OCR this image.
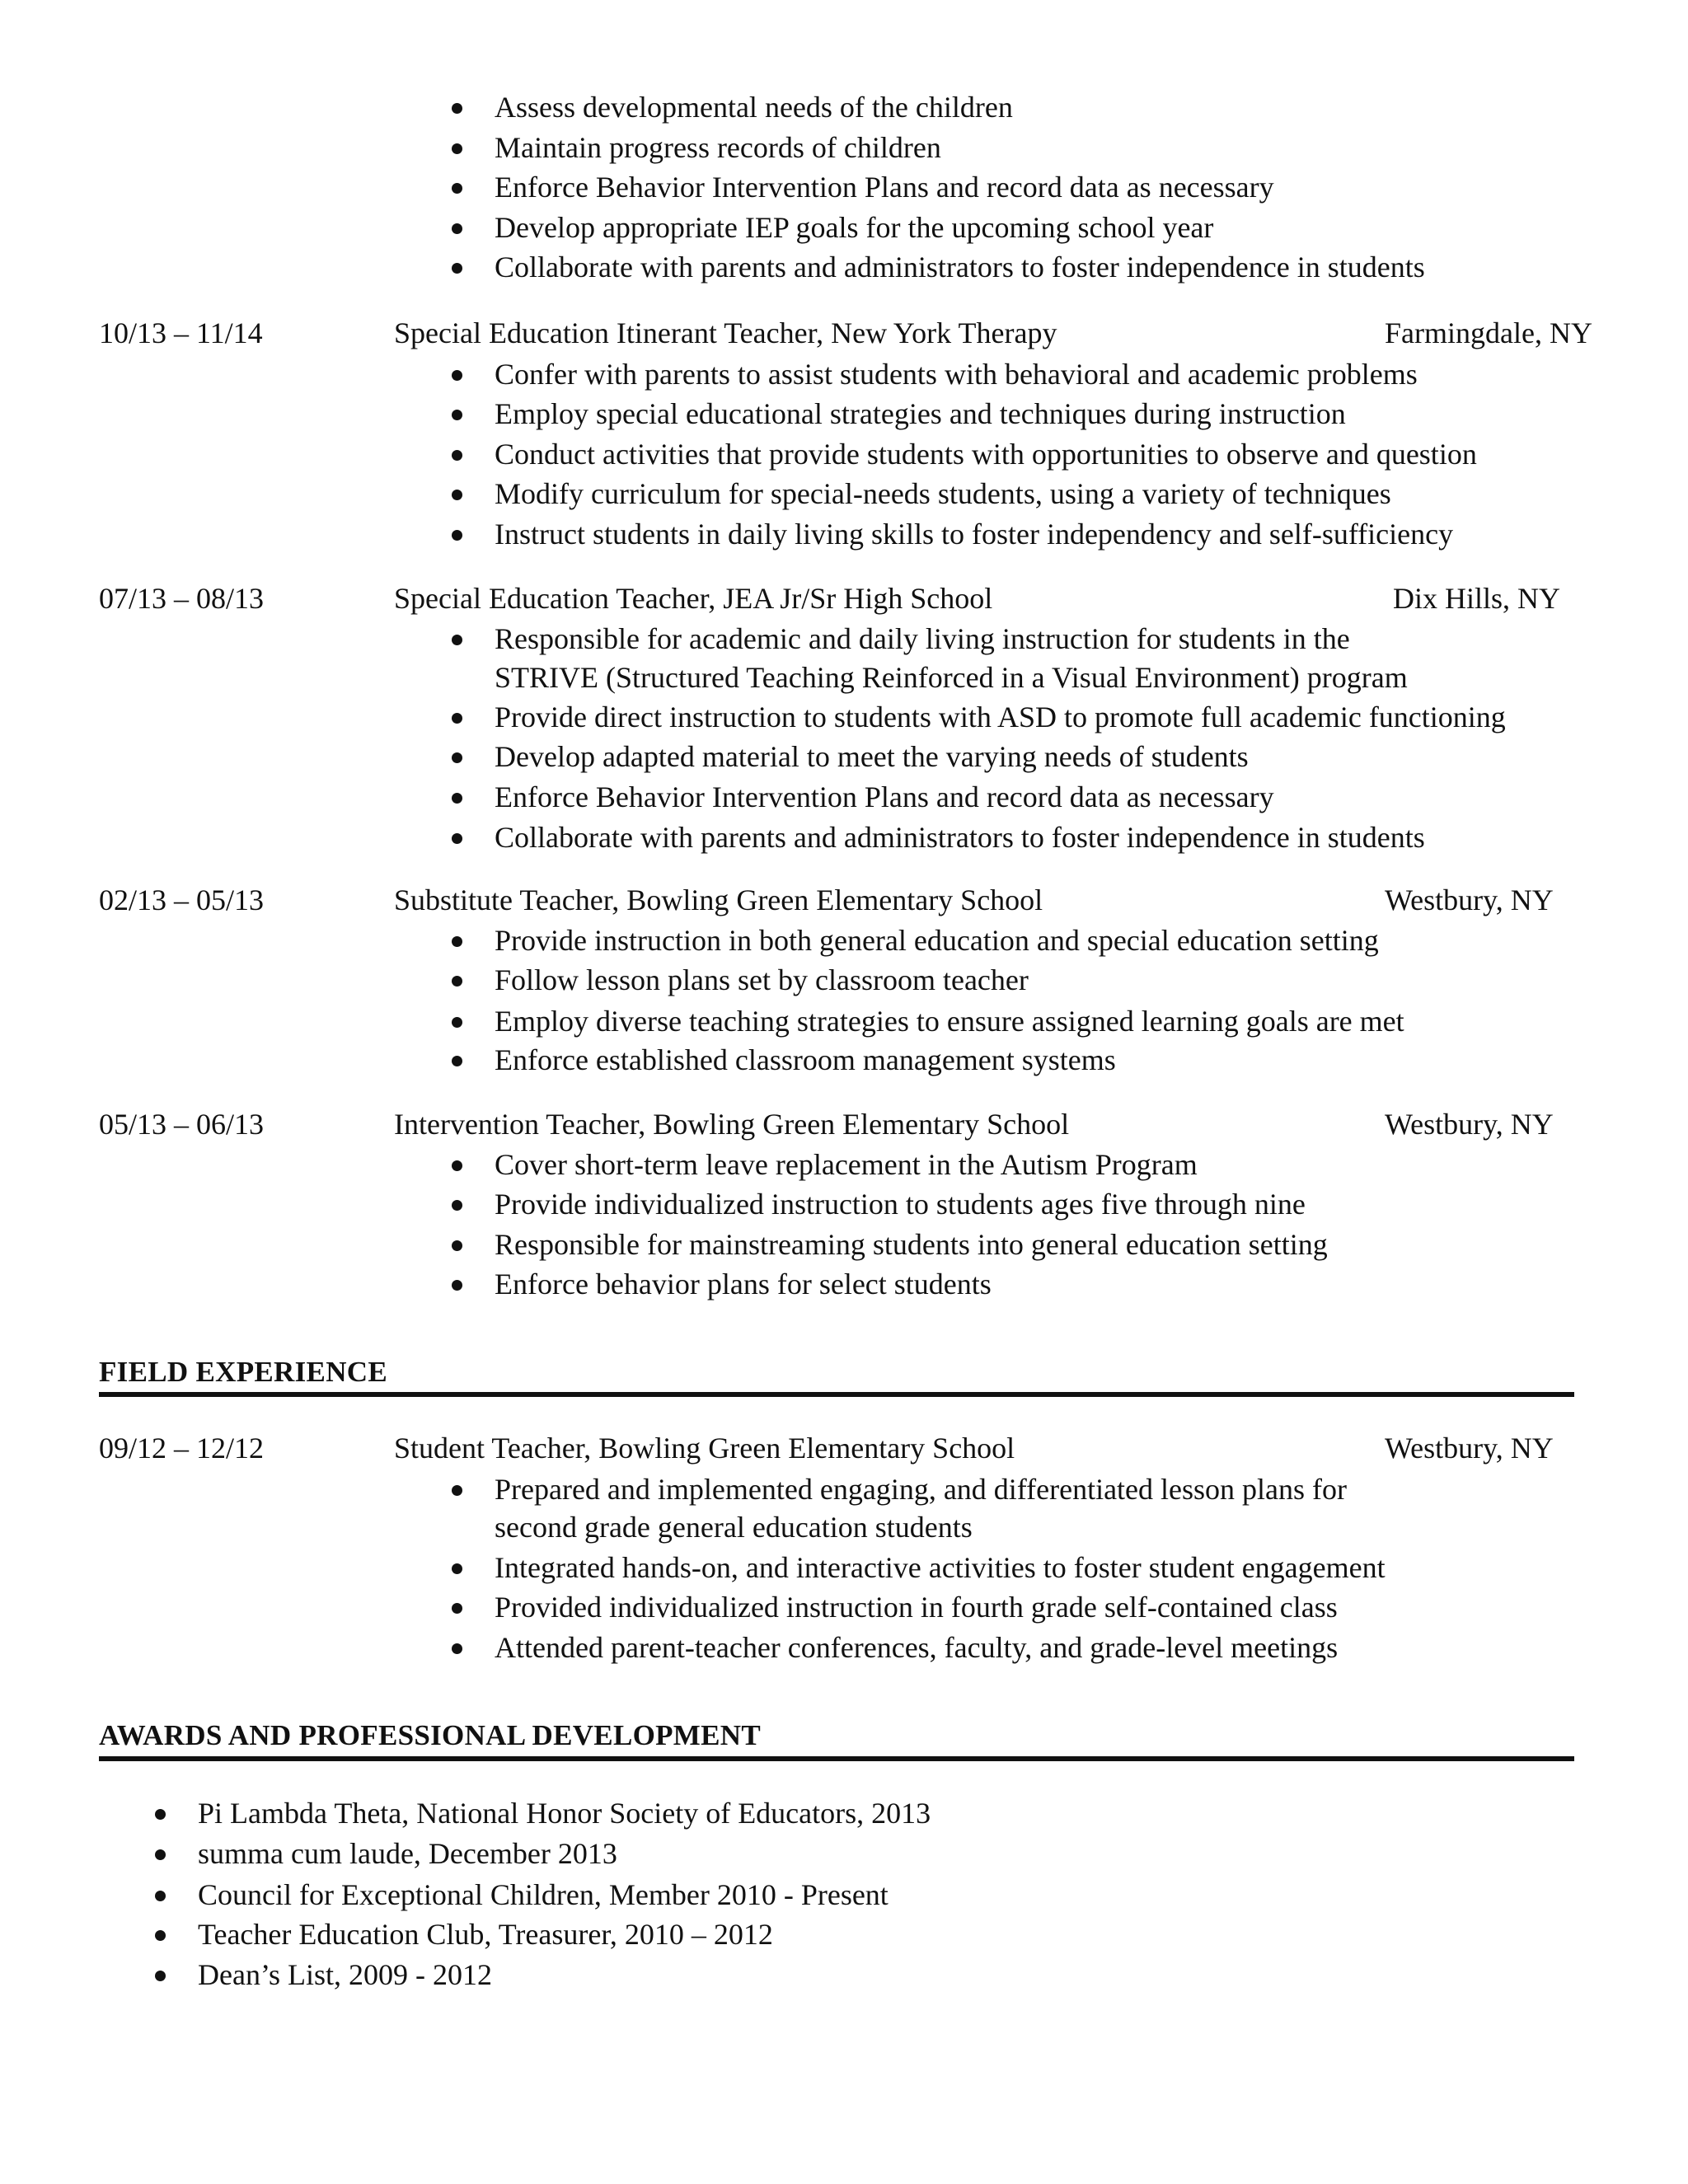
Assess developmental needs of the children
Maintain progress records of children
Enforce Behavior Intervention Plans and record data as necessary
Develop appropriate IEP goals for the upcoming school year
Collaborate with parents and administrators to foster independence in students
10/13 – 11/14	Special Education Itinerant Teacher, New York Therapy	Farmingdale, NY
Confer with parents to assist students with behavioral and academic problems
Employ special educational strategies and techniques during instruction
Conduct activities that provide students with opportunities to observe and question
Modify curriculum for special-needs students, using a variety of techniques
Instruct students in daily living skills to foster independency and self-sufficiency
07/13 – 08/13	Special Education Teacher, JEA Jr/Sr High School	Dix Hills, NY
Responsible for academic and daily living instruction for students in the
STRIVE (Structured Teaching Reinforced in a Visual Environment) program
Provide direct instruction to students with ASD to promote full academic functioning
Develop adapted material to meet the varying needs of students
Enforce Behavior Intervention Plans and record data as necessary
Collaborate with parents and administrators to foster independence in students
02/13 – 05/13	Substitute Teacher, Bowling Green Elementary School	Westbury, NY
Provide instruction in both general education and special education setting
Follow lesson plans set by classroom teacher
Employ diverse teaching strategies to ensure assigned learning goals are met
Enforce established classroom management systems
05/13 – 06/13	Intervention Teacher, Bowling Green Elementary School	Westbury, NY
Cover short-term leave replacement in the Autism Program
Provide individualized instruction to students ages five through nine
Responsible for mainstreaming students into general education setting
Enforce behavior plans for select students
FIELD EXPERIENCE
09/12 – 12/12	Student Teacher, Bowling Green Elementary School	Westbury, NY
Prepared and implemented engaging, and differentiated lesson plans for
second grade general education students
Integrated hands-on, and interactive activities to foster student engagement
Provided individualized instruction in fourth grade self-contained class
Attended parent-teacher conferences, faculty, and grade-level meetings
AWARDS AND PROFESSIONAL DEVELOPMENT
Pi Lambda Theta, National Honor Society of Educators, 2013
summa cum laude, December 2013
Council for Exceptional Children, Member 2010 - Present
Teacher Education Club, Treasurer, 2010 – 2012
Dean’s List, 2009 - 2012
